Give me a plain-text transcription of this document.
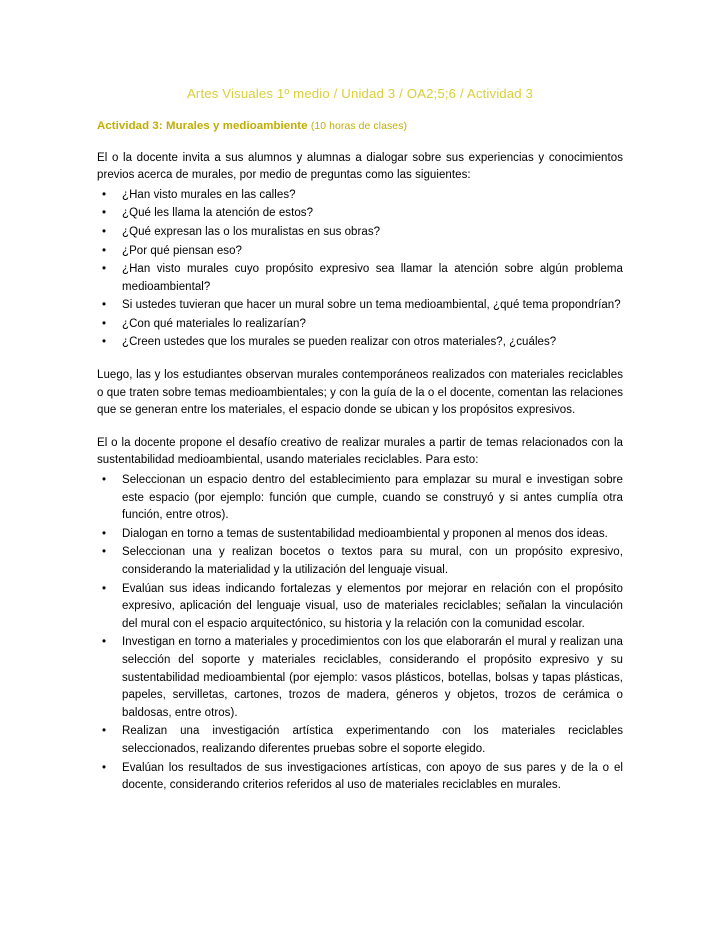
Artes Visuales 1º medio / Unidad 3 / OA2;5;6 / Actividad 3
Actividad 3: Murales y medioambiente (10 horas de clases)

El o la docente invita a sus alumnos y alumnas a dialogar sobre sus experiencias y conocimientos previos acerca de murales, por medio de preguntas como las siguientes:

• ¿Han visto murales en las calles?
• ¿Qué les llama la atención de estos?
• ¿Qué expresan las o los muralistas en sus obras?
• ¿Por qué piensan eso?
• ¿Han visto murales cuyo propósito expresivo sea llamar la atención sobre algún problema medioambiental?
• Si ustedes tuvieran que hacer un mural sobre un tema medioambiental, ¿qué tema propondrían?
• ¿Con qué materiales lo realizarían?
• ¿Creen ustedes que los murales se pueden realizar con otros materiales?, ¿cuáles?

Luego, las y los estudiantes observan murales contemporáneos realizados con materiales reciclables o que traten sobre temas medioambientales; y con la guía de la o el docente, comentan las relaciones que se generan entre los materiales, el espacio donde se ubican y los propósitos expresivos.

El o la docente propone el desafío creativo de realizar murales a partir de temas relacionados con la sustentabilidad medioambiental, usando materiales reciclables. Para esto:

• Seleccionan un espacio dentro del establecimiento para emplazar su mural e investigan sobre este espacio (por ejemplo: función que cumple, cuando se construyó y si antes cumplía otra función, entre otros).
• Dialogan en torno a temas de sustentabilidad medioambiental y proponen al menos dos ideas.
• Seleccionan una y realizan bocetos o textos para su mural, con un propósito expresivo, considerando la materialidad y la utilización del lenguaje visual.
• Evalúan sus ideas indicando fortalezas y elementos por mejorar en relación con el propósito expresivo, aplicación del lenguaje visual, uso de materiales reciclables; señalan la vinculación del mural con el espacio arquitectónico, su historia y la relación con la comunidad escolar.
• Investigan en torno a materiales y procedimientos con los que elaborarán el mural y realizan una selección del soporte y materiales reciclables, considerando el propósito expresivo y su sustentabilidad medioambiental (por ejemplo: vasos plásticos, botellas, bolsas y tapas plásticas, papeles, servilletas, cartones, trozos de madera, géneros y objetos, trozos de cerámica o baldosas, entre otros).
• Realizan una investigación artística experimentando con los materiales reciclables seleccionados, realizando diferentes pruebas sobre el soporte elegido.
• Evalúan los resultados de sus investigaciones artísticas, con apoyo de sus pares y de la o el docente, considerando criterios referidos al uso de materiales reciclables en murales.
